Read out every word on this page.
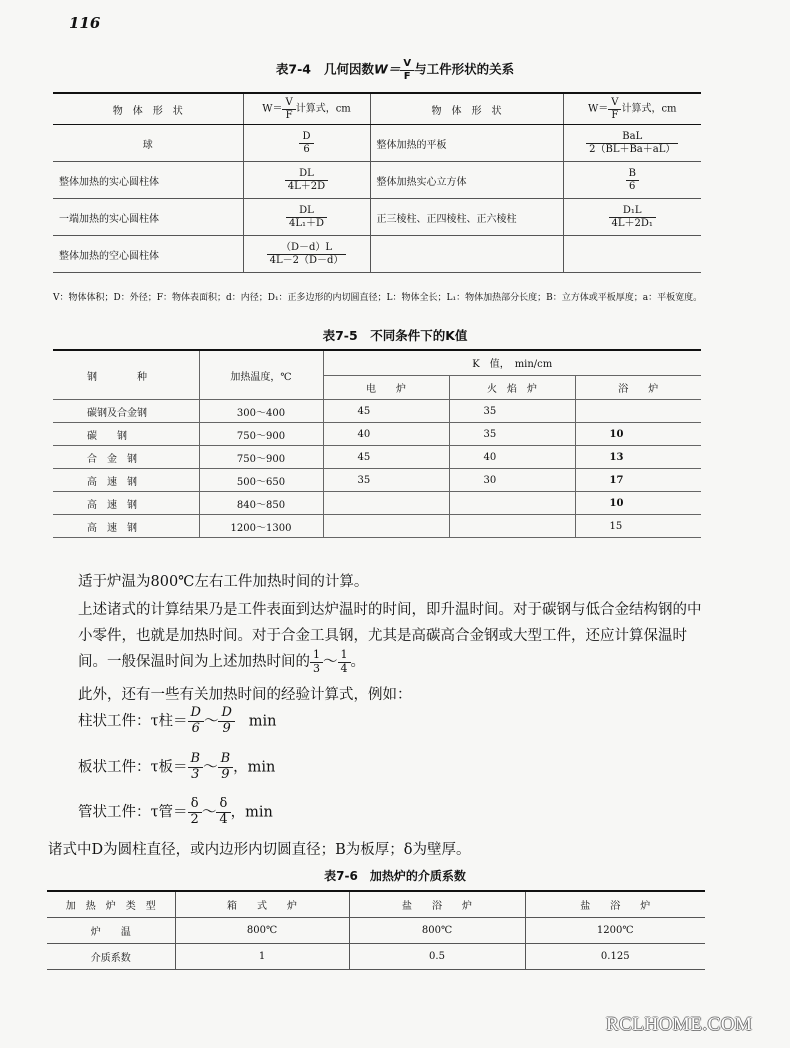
116
表7-4 几何因数$W= \frac{V}{F}$ 与工件形状的关系
物　体　形　状	$W= \frac{V}{F}$ 计算式，cm	物　体　形　状	$W= \frac{V}{F}$ 计算式，cm
球	$\frac{D}{6}$	整体加热的平板	$\frac{\text{BaL}}{2(BL+Ba+aL)}$

整体加热的实心圆柱体	$\frac{DL}{4L+2D}$	整体加热实心立方体	$\frac{B}{6}$

一端加热的实心圆柱体	$\frac{DL}{\text{4L₁＋D}}$	正三棱柱、正四棱柱、正六棱柱	$\frac{\text{D₁L}}{\text{4L＋2D₁}}$

整体加热的空心圆柱体	$\frac{(D-d)L}{4L-2(D-d)}$

V：物体体积；D：外径；F：物体表面积；d：内径；D₁：正多边形的内切圆直径；L：物体全长；L₁：物体加热部分长度；B：立方体或平板厚度；a：平板宽度。
表7-5　不同条件下的K值
钢　　　　种	加热温度，℃	K　值，　min/cm		
		电　　炉	火　焰　炉	浴　　炉
碳钢及合金钢	300～400	45	35	
碳　　钢	750～900	40	35	10
合　金　钢	750～900	45	40	13
高　速　钢	500～650	35	30	17
高　速　钢	840～850			10
高　速　钢	1200～1300			15
适于炉温为800℃左右工件加热时间的计算。
上述诸式的计算结果乃是工件表面到达炉温时的时间，即升温时间。对于碳钢与低合金结构钢的中小零件，也就是加热时间。对于合金工具钢，尤其是高碳高合金钢或大型工件，还应计算保温时间。一般保温时间为上述加热时间的 $\frac{1}{3}$ ～ $\frac{1}{4}$ 。
此外，还有一些有关加热时间的经验计算式，例如：
柱状工件：τ柱＝ $\frac{D}{6}$ ～ $\frac{D}{9}$ min
板状工件：τ板＝ $\frac{B}{3}$ ～ $\frac{B}{9}$ ，min
管状工件：τ管＝ $\frac{\delta}{2}$ ～ $\frac{\delta}{4}$ ，min
诸式中D为圆柱直径，或内边形内切圆直径；B为板厚；δ为壁厚。
表7-6　加热炉的介质系数
加　热　炉　类　型	箱　　式　　炉	盐　　浴　　炉	盐　　浴　　炉
炉　　温	800℃	800℃	1200℃
介质系数	1	0.5	0.125
RCLHOME.COM
